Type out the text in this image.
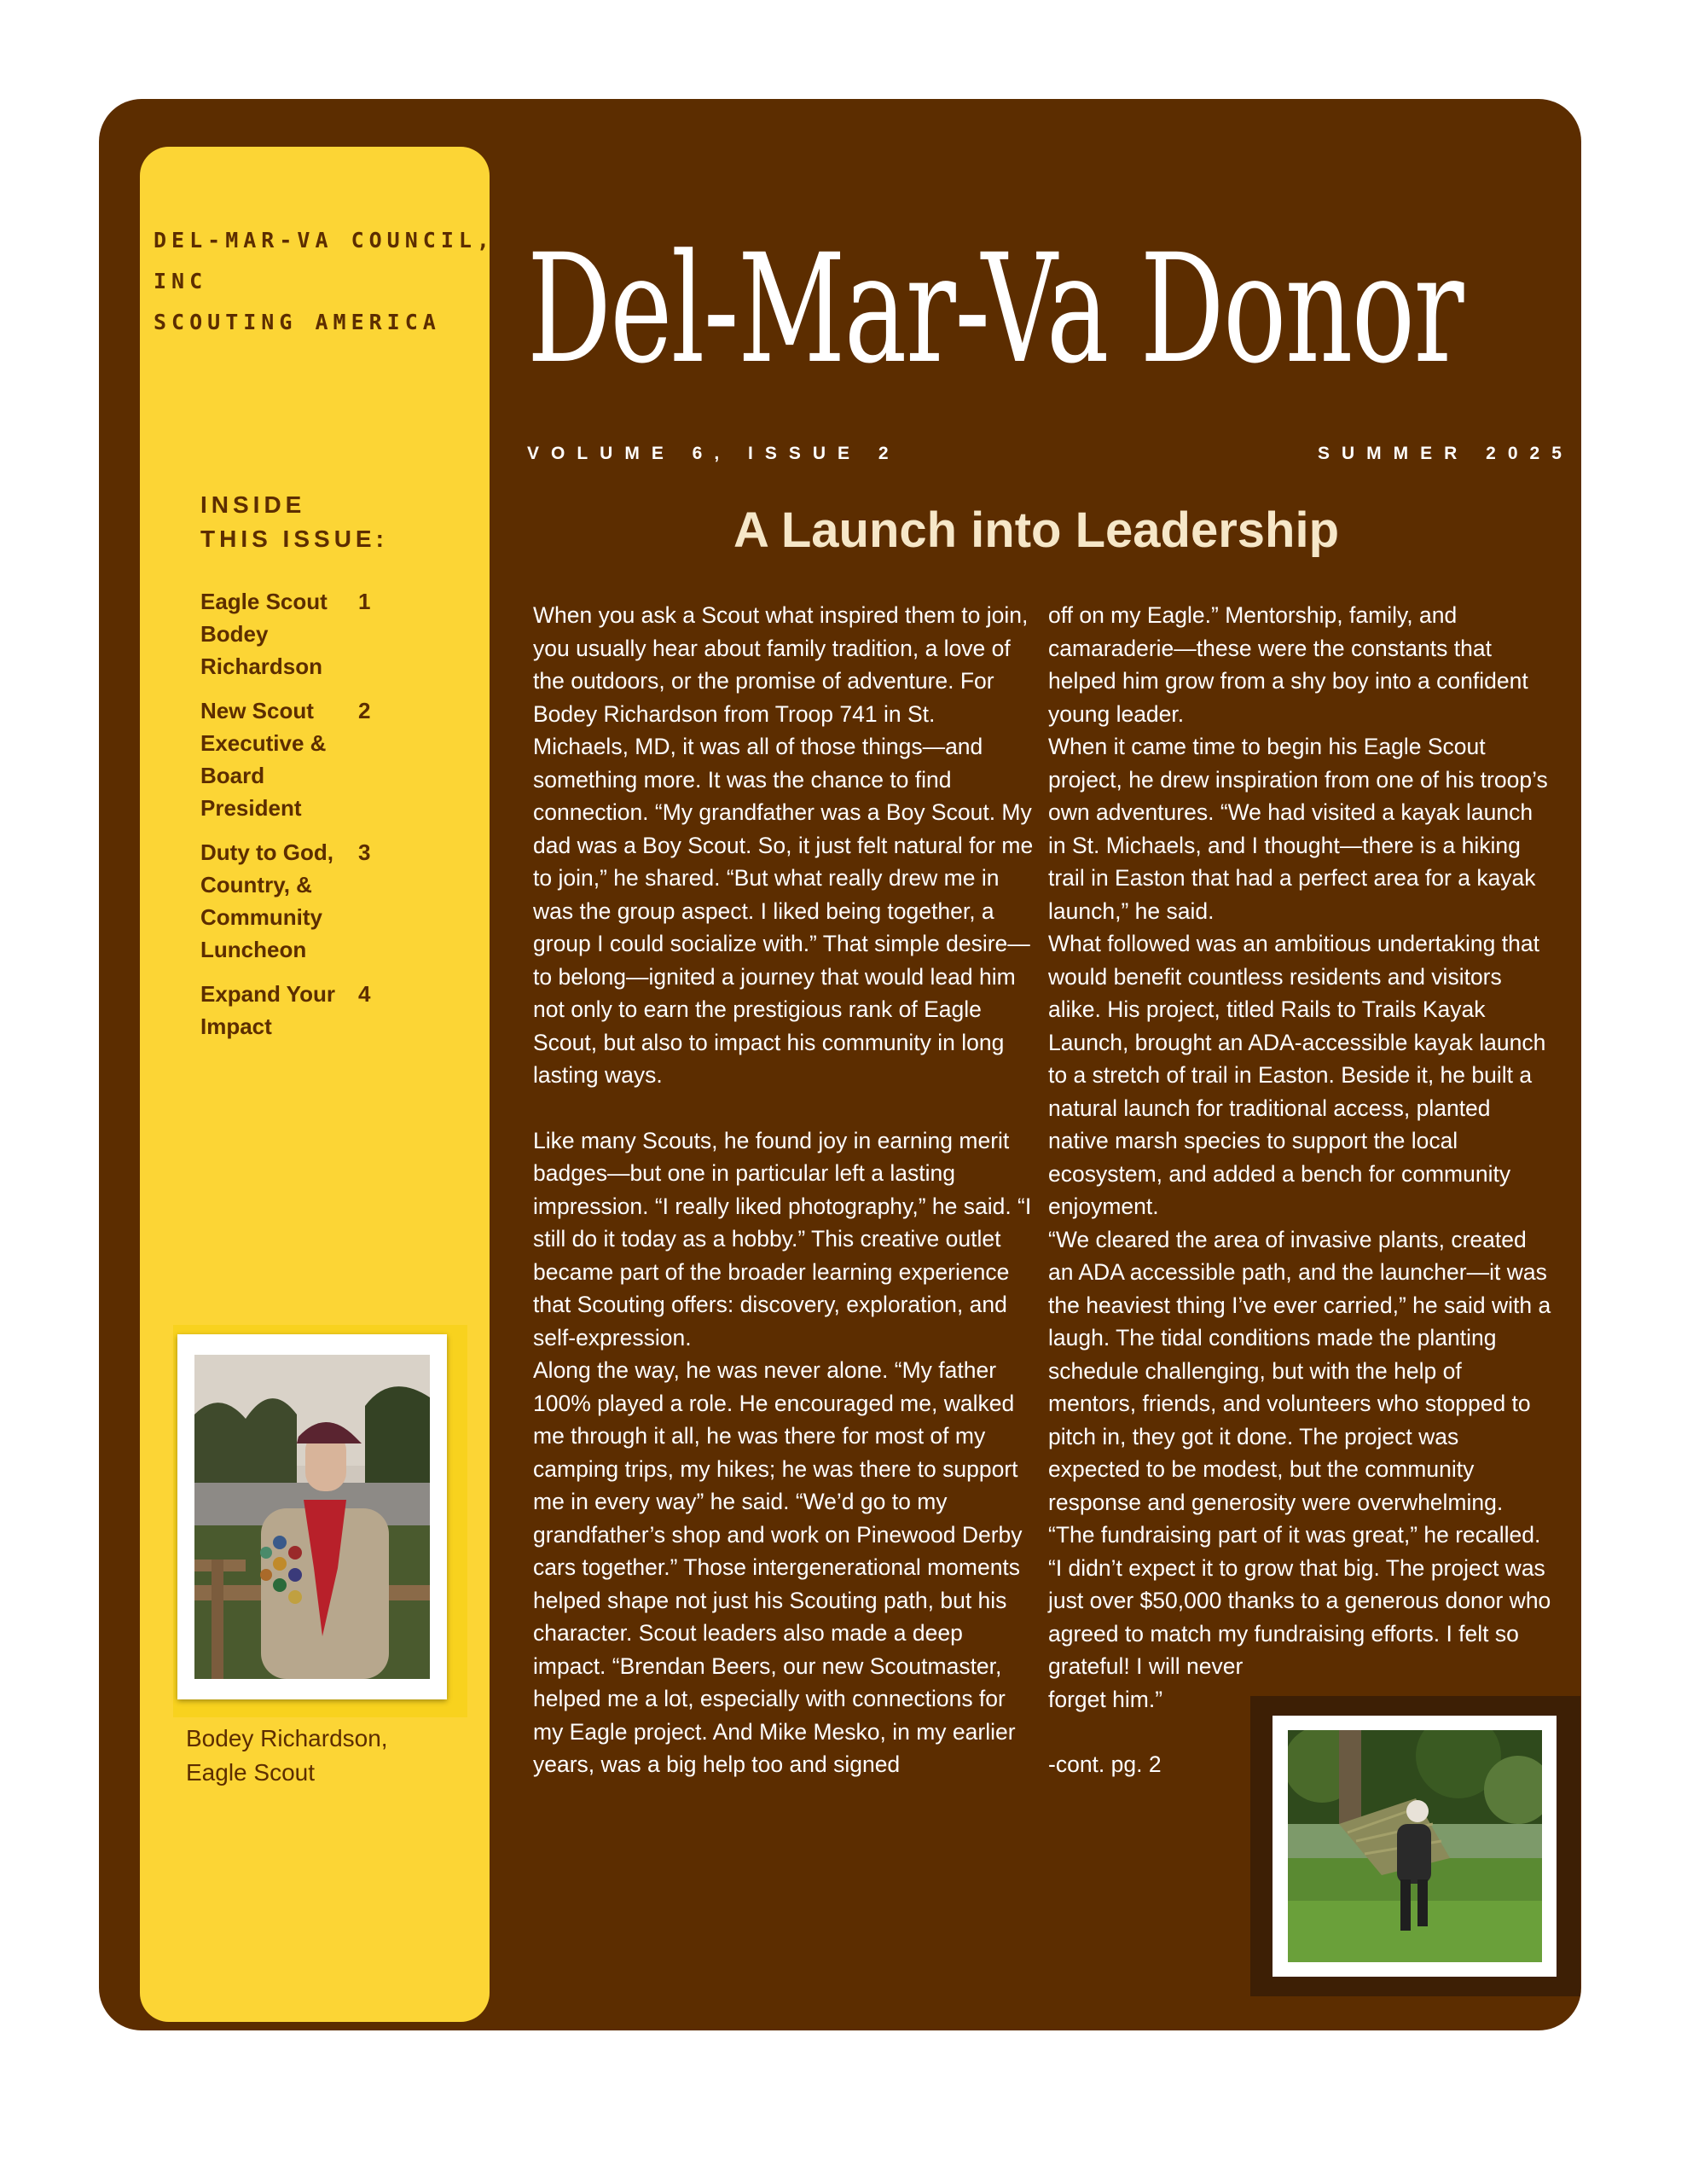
DEL-MAR-VA COUNCIL, INC
SCOUTING AMERICA
INSIDE
THIS ISSUE:
Eagle Scout Bodey Richardson
1
New Scout Executive & Board President
2
Duty to God, Country, & Community Luncheon
3
Expand Your Impact
4
Bodey Richardson,
Eagle Scout
Del-Mar-Va Donor
VOLUME 6, ISSUE 2	SUMMER 2025
A Launch into Leadership

When you ask a Scout what inspired them to join, you usually hear about family tradition, a love of the outdoors, or the promise of adventure. For Bodey Richardson from Troop 741 in St. Michaels, MD, it was all of those things—and something more. It was the chance to find connection. “My grandfather was a Boy Scout. My dad was a Boy Scout. So, it just felt natural for me to join,” he shared. “But what really drew me in was the group aspect. I liked being together, a group I could socialize with.” That simple desire—to belong—ignited a journey that would lead him not only to earn the prestigious rank of Eagle Scout, but also to impact his community in long lasting ways.

Like many Scouts, he found joy in earning merit badges—but one in particular left a lasting impression. “I really liked photography,” he said. “I still do it today as a hobby.” This creative outlet became part of the broader learning experience that Scouting offers: discovery, exploration, and self-expression.

Along the way, he was never alone. “My father 100% played a role. He encouraged me, walked me through it all, he was there for most of my camping trips, my hikes; he was there to support me in every way” he said. “We’d go to my grandfather’s shop and work on Pinewood Derby cars together.” Those intergenerational moments helped shape not just his Scouting path, but his character. Scout leaders also made a deep impact. “Brendan Beers, our new Scoutmaster, helped me a lot, especially with connections for my Eagle project. And Mike Mesko, in my earlier years, was a big help too and signed

off on my Eagle.” Mentorship, family, and camaraderie—these were the constants that helped him grow from a shy boy into a confident young leader.

When it came time to begin his Eagle Scout project, he drew inspiration from one of his troop’s own adventures. “We had visited a kayak launch in St. Michaels, and I thought—there is a hiking trail in Easton that had a perfect area for a kayak launch,” he said.

What followed was an ambitious undertaking that would benefit countless residents and visitors alike. His project, titled Rails to Trails Kayak Launch, brought an ADA-accessible kayak launch to a stretch of trail in Easton. Beside it, he built a natural launch for traditional access, planted native marsh species to support the local ecosystem, and added a bench for community enjoyment.

“We cleared the area of invasive plants, created an ADA accessible path, and the launcher—it was the heaviest thing I’ve ever carried,” he said with a laugh. The tidal conditions made the planting schedule challenging, but with the help of mentors, friends, and volunteers who stopped to pitch in, they got it done. The project was expected to be modest, but the community response and generosity were overwhelming. “The fundraising part of it was great,” he recalled. “I didn’t expect it to grow that big. The project was just over $50,000 thanks to a generous donor who agreed to match my fundraising efforts. I felt so

grateful! I will never forget him.”

-cont. pg. 2
